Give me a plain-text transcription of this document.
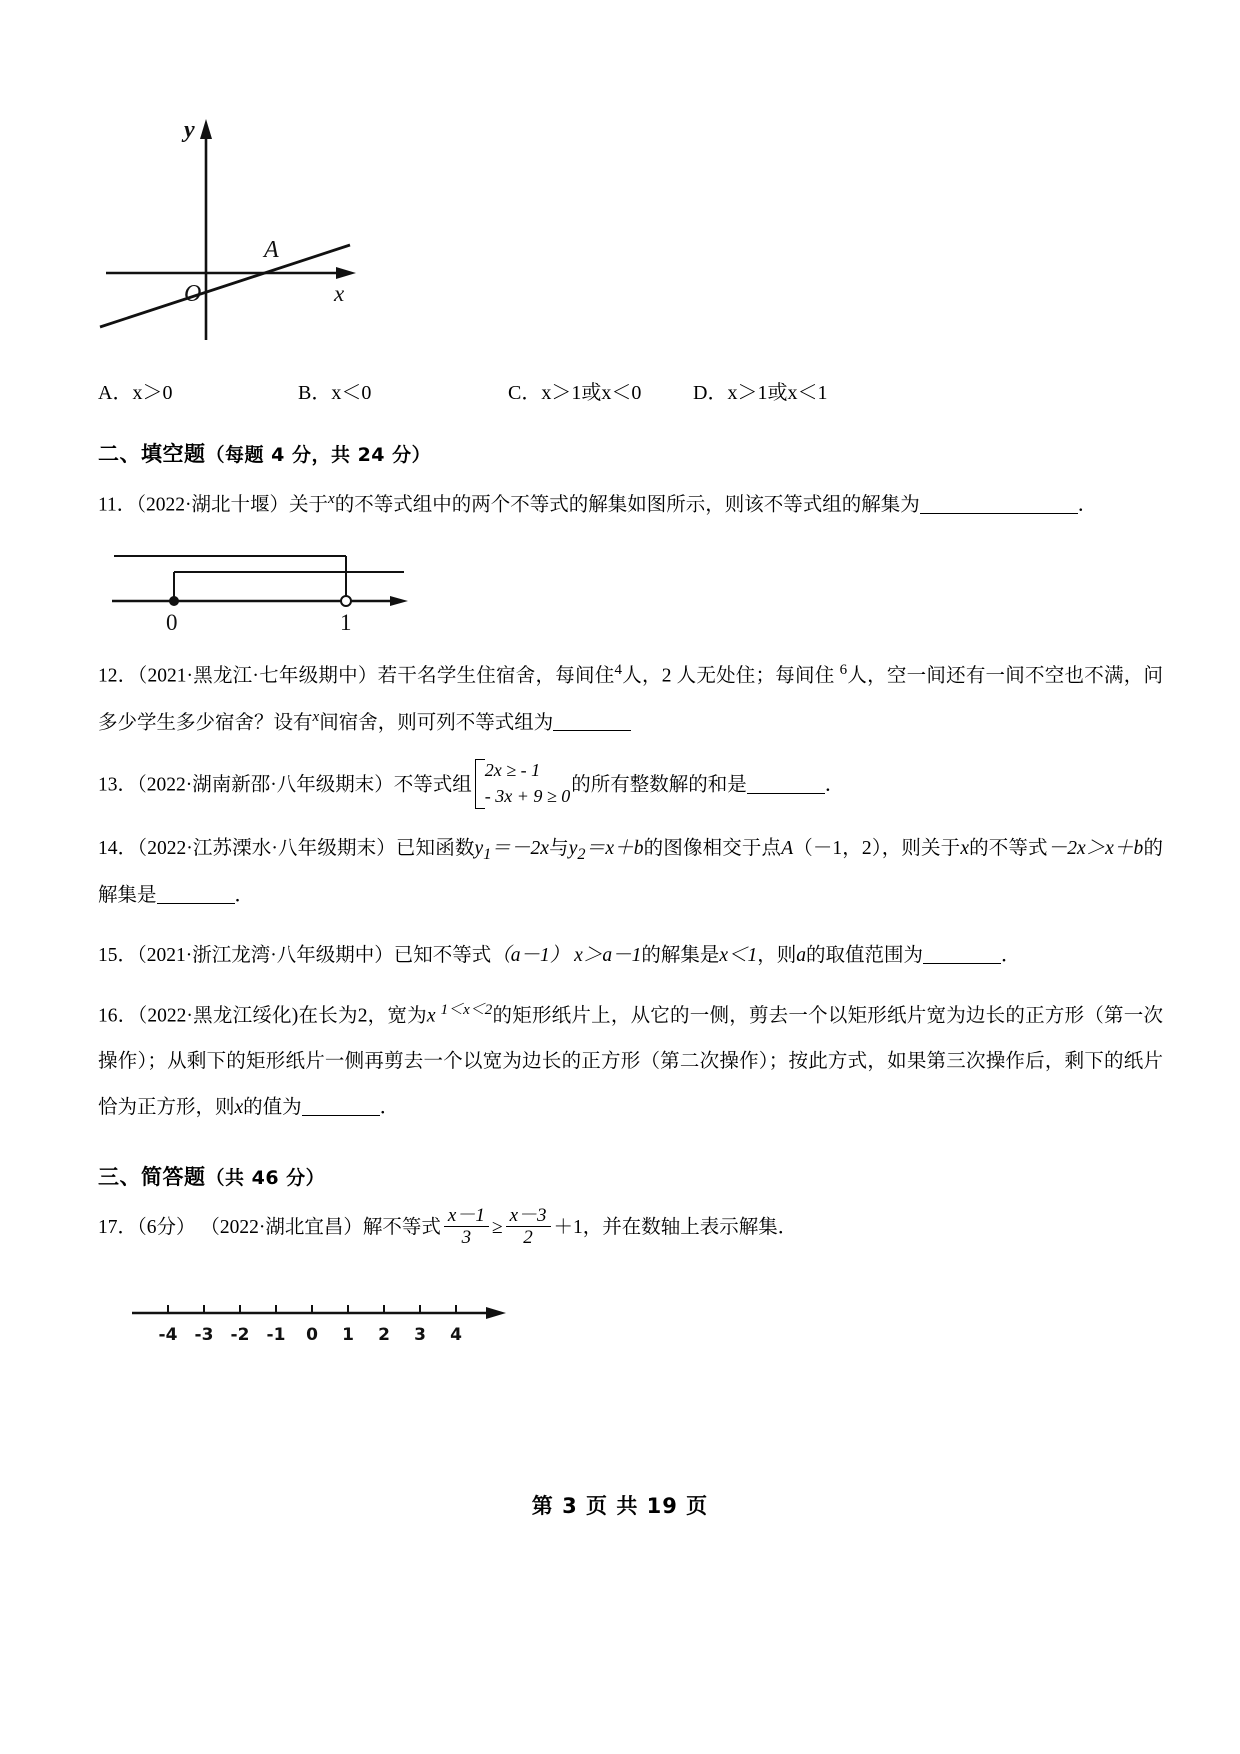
y
x
O
A
A．x＞0	B．x＜0	C．x＞1或x＜0	D．x＞1或x＜1
二、填空题（每题 4 分，共 24 分）
11．（2022·湖北十堰）关于$^x$的不等式组中的两个不等式的解集如图所示，则该不等式组的解集为	．
0	1
12．（2021·黑龙江·七年级期中）若干名学生住宿舍，每间住$^4$人，2 人无处住；每间住 $^6$人，空一间还有一间不空也不满，问多少学生多少宿舍？设有$^x$间宿舍，则可列不等式组为
13．（2022·湖南新邵·八年级期末）不等式组
2x ≥ - 1
- 3x + 9 ≥ 0
的所有整数解的和是	．
14．（2022·江苏溧水·八年级期末）已知函数$y_1=-2x$与$y_2=x+b$的图像相交于点A（－1，2），则关于x的不等式－2x＞x＋b的解集是	．
15．（2021·浙江龙湾·八年级期中）已知不等式（a－1） x＞a－1的解集是x＜1，则a的取值范围为	．
16．（2022·黑龙江绥化)在长为2，宽为x $^{1<x<2}$的矩形纸片上，从它的一侧，剪去一个以矩形纸片宽为边长的正方形（第一次操作）；从剩下的矩形纸片一侧再剪去一个以宽为边长的正方形（第二次操作）；按此方式，如果第三次操作后，剩下的纸片恰为正方形，则x的值为	．
三、简答题（共 46 分）
17．（6分） （2022·湖北宜昌）解不等式 $\frac{x-1}{3} \ge \frac{x-3}{2} +1$，并在数轴上表示解集．
-4 -3 -2 -1 0 1 2 3 4
第 3 页 共 19 页
